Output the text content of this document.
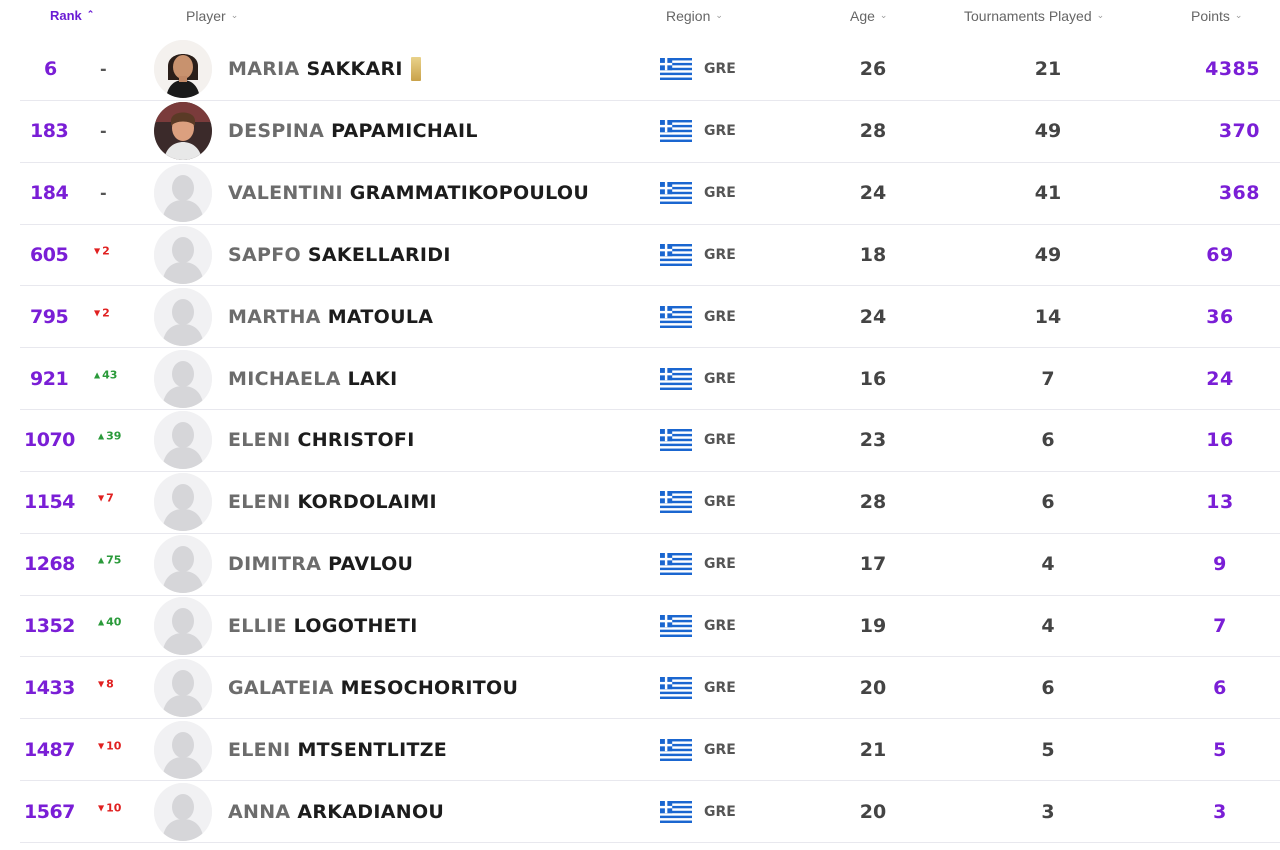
Rank ⌃	Player ⌄	Region ⌄	Age ⌄	Tournaments Played ⌄	Points ⌄
6	-	MARIA SAKKARI	GRE	26	21	4385
183 -	DESPINA PAPAMICHAIL	GRE	28	49	370
184 -	VALENTINI GRAMMATIKOPOULOU	GRE	24	41	368
605	▼ 2	SAPFO SAKELLARIDI	GRE	18	49	69
795	▼ 2	MARTHA MATOULA	GRE	24	14	36
921	▲ 43	MICHAELA LAKI	GRE	16	7	24
1070	▲ 39	ELENI CHRISTOFI	GRE	23	6	16
1154	▼ 7	ELENI KORDOLAIMI	GRE	28	6	13
1268	▲ 75	DIMITRA PAVLOU	GRE	17	4	9
1352	▲ 40	ELLIE LOGOTHETI	GRE	19	4	7
1433	▼ 8	GALATEIA MESOCHORITOU	GRE	20	6	6
1487	▼ 10	ELENI MTSENTLITZE	GRE	21	5	5
1567	▼ 10	ANNA ARKADIANOU	GRE	20	3	3
